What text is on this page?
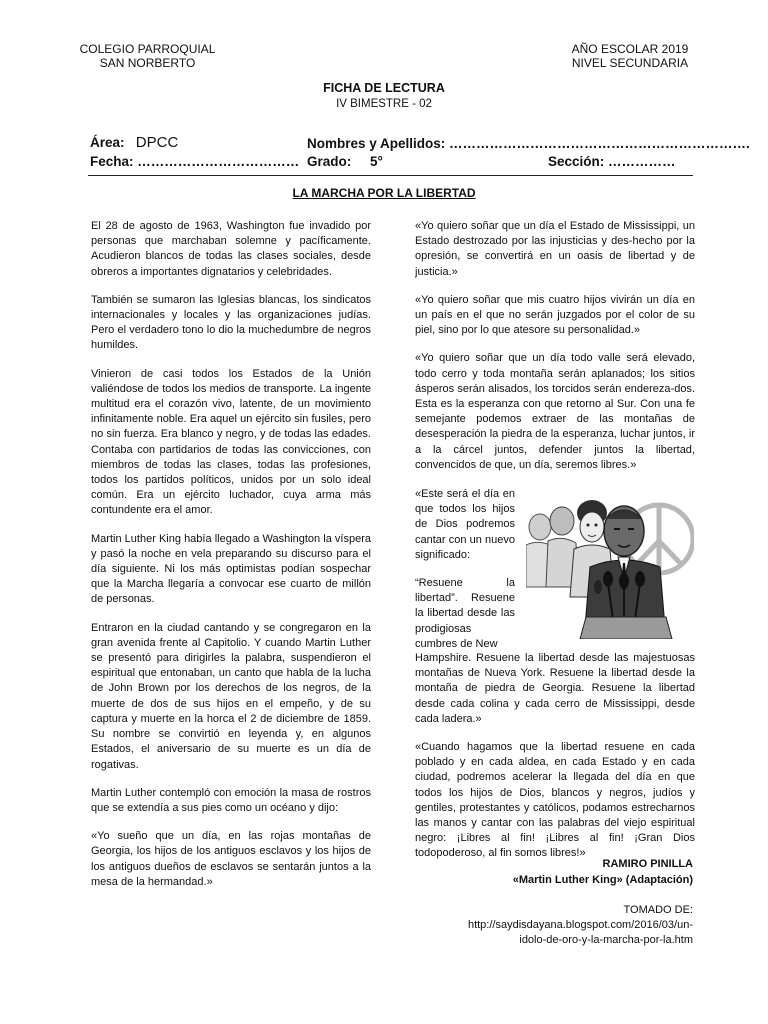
COLEGIO PARROQUIAL
SAN NORBERTO
AÑO ESCOLAR 2019
NIVEL SECUNDARIA
FICHA DE LECTURA
IV BIMESTRE - 02
Área: DPCC	Nombres y Apellidos: ………………………………………………………….
Fecha: ……………………………… Grado: 5°	Sección: ……………
LA MARCHA POR LA LIBERTAD

El 28 de agosto de 1963, Washington fue invadido por personas que marchaban solemne y pacíficamente. Acudieron blancos de todas las clases sociales, desde obreros a importantes dignatarios y celebridades.

También se sumaron las Iglesias blancas, los sindicatos internacionales y locales y las organizaciones judías. Pero el verdadero tono lo dio la muchedumbre de negros humildes.

Vinieron de casi todos los Estados de la Unión valiéndose de todos los medios de transporte. La ingente multitud era el corazón vivo, latente, de un movimiento infinitamente noble. Era aquel un ejército sin fusiles, pero no sin fuerza. Era blanco y negro, y de todas las edades. Contaba con partidarios de todas las convicciones, con miembros de todas las clases, todas las profesiones, todos los partidos políticos, unidos por un solo ideal común. Era un ejército luchador, cuya arma más contundente era el amor.

Martin Luther King había llegado a Washington la víspera y pasó la noche en vela preparando su discurso para el día siguiente. Ni los más optimistas podían sospechar que la Marcha llegaría a convocar ese cuarto de millón de personas.

Entraron en la ciudad cantando y se congregaron en la gran avenida frente al Capitolio. Y cuando Martin Luther se presentó para dirigirles la palabra, suspendieron el espiritual que entonaban, un canto que habla de la lucha de John Brown por los derechos de los negros, de la muerte de dos de sus hijos en el empeño, y de su captura y muerte en la horca el 2 de diciembre de 1859. Su nombre se convirtió en leyenda y, en algunos Estados, el aniversario de su muerte es un día de rogativas.

Martin Luther contempló con emoción la masa de rostros que se extendía a sus pies como un océano y dijo:

«Yo sueño que un día, en las rojas montañas de Georgia, los hijos de los antiguos esclavos y los hijos de los antiguos dueños de esclavos se sentarán juntos a la mesa de la hermandad.»

«Yo quiero soñar que un día el Estado de Mississippi, un Estado destrozado por las injusticias y des-hecho por la opresión, se convertirá en un oasis de libertad y de justicia.»

«Yo quiero soñar que mis cuatro hijos vivirán un día en un país en el que no serán juzgados por el color de su piel, sino por lo que atesore su personalidad.»

«Yo quiero soñar que un día todo valle será elevado, todo cerro y toda montaña serán aplanados; los sitios ásperos serán alisados, los torcidos serán endereza-dos. Esta es la esperanza con que retorno al Sur. Con una fe semejante podemos extraer de las montañas de desesperación la piedra de la esperanza, luchar juntos, ir a la cárcel juntos, defender juntos la libertad, convencidos de que, un día, seremos libres.»

«Este será el día en que todos los hijos de Dios podremos cantar con un nuevo significado:
“Resuene la libertad”. Resuene la libertad desde las prodigiosas cumbres de New

Hampshire. Resuene la libertad desde las majestuosas montañas de Nueva York. Resuene la libertad desde la montaña de piedra de Georgia. Resuene la libertad desde cada colina y cada cerro de Mississippi, desde cada ladera.»

«Cuando hagamos que la libertad resuene en cada poblado y en cada aldea, en cada Estado y en cada ciudad, podremos acelerar la llegada del día en que todos los hijos de Dios, blancos y negros, judíos y gentiles, protestantes y católicos, podamos estrecharnos las manos y cantar con las palabras del viejo espiritual negro: ¡Libres al fin! ¡Libres al fin! ¡Gran Dios todopoderoso, al fin somos libres!»

RAMIRO PINILLA
«Martin Luther King» (Adaptación)
TOMADO DE:
http://saydisdayana.blogspot.com/2016/03/un-
idolo-de-oro-y-la-marcha-por-la.htm
